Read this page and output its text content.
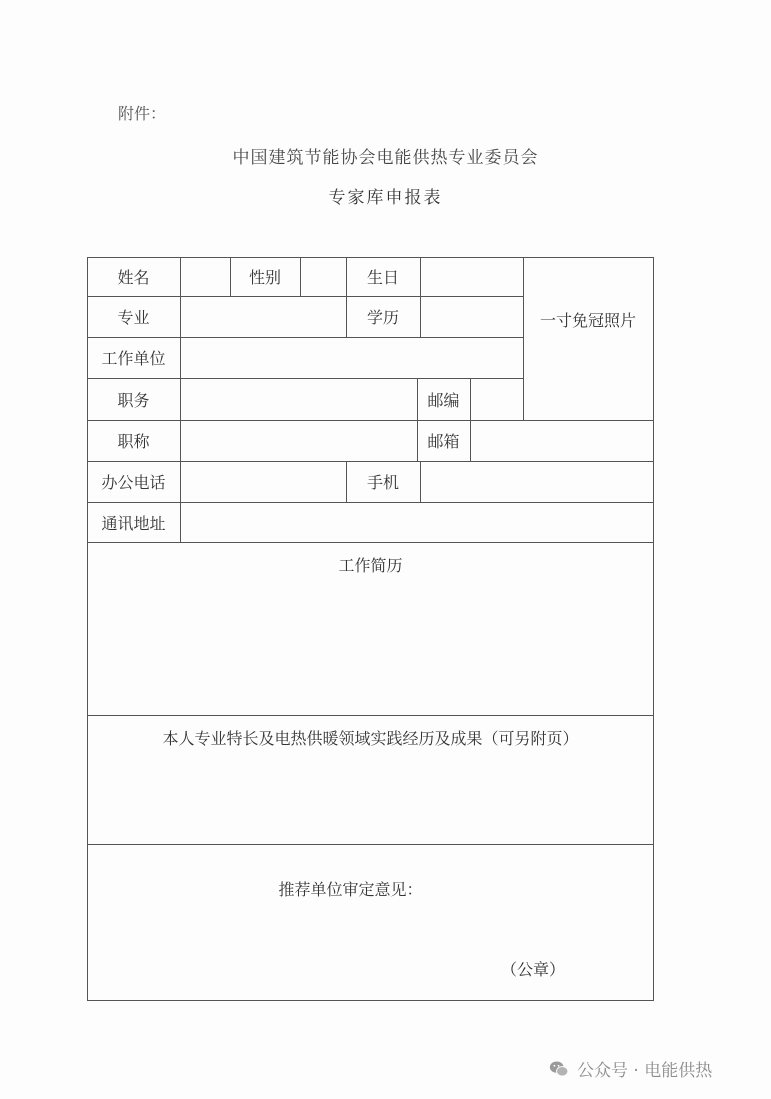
附件：
中国建筑节能协会电能供热专业委员会
专家库申报表
姓名	性别	生日
专业	学历	一寸免冠照片
工作单位
职务	邮编
职称	邮箱
办公电话	手机
通讯地址
工作简历
本人专业特长及电热供暖领域实践经历及成果（可另附页）
推荐单位审定意见：
（公章）
公众号 · 电能供热
